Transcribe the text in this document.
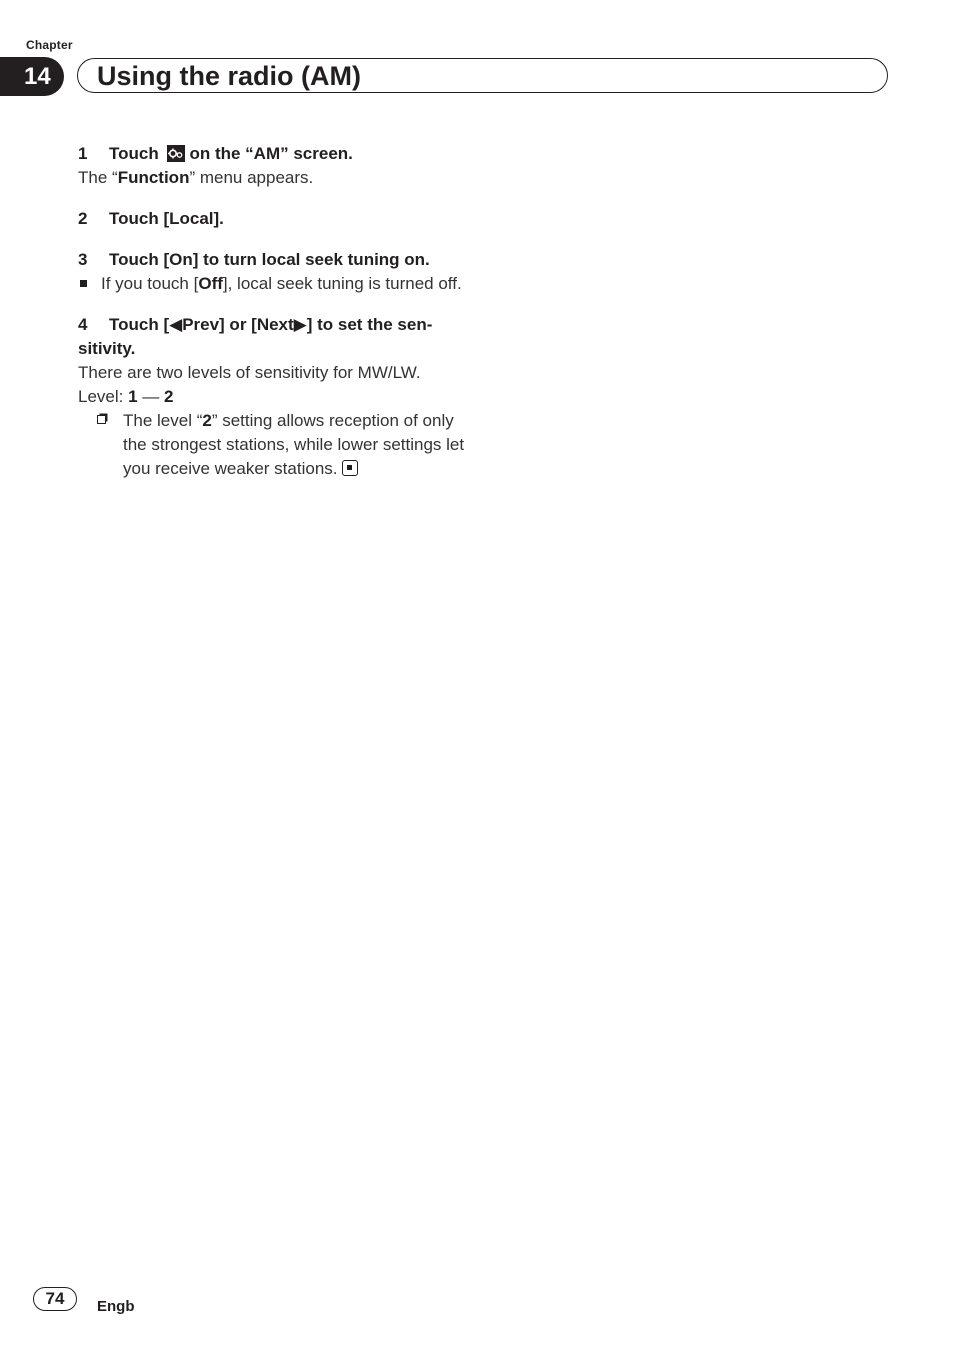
Chapter
14	Using the radio (AM)

1 Touch on the “AM” screen.

The “Function” menu appears.

2 Touch [Local].

3 Touch [On] to turn local seek tuning on.

If you touch [Off], local seek tuning is turned off.

4 Touch [◀Prev] or [Next▶] to set the sen-sitivity.

There are two levels of sensitivity for MW/LW.

Level: 1 — 2

The level “2” setting allows reception of only the strongest stations, while lower settings let you receive weaker stations.

74	Engb
